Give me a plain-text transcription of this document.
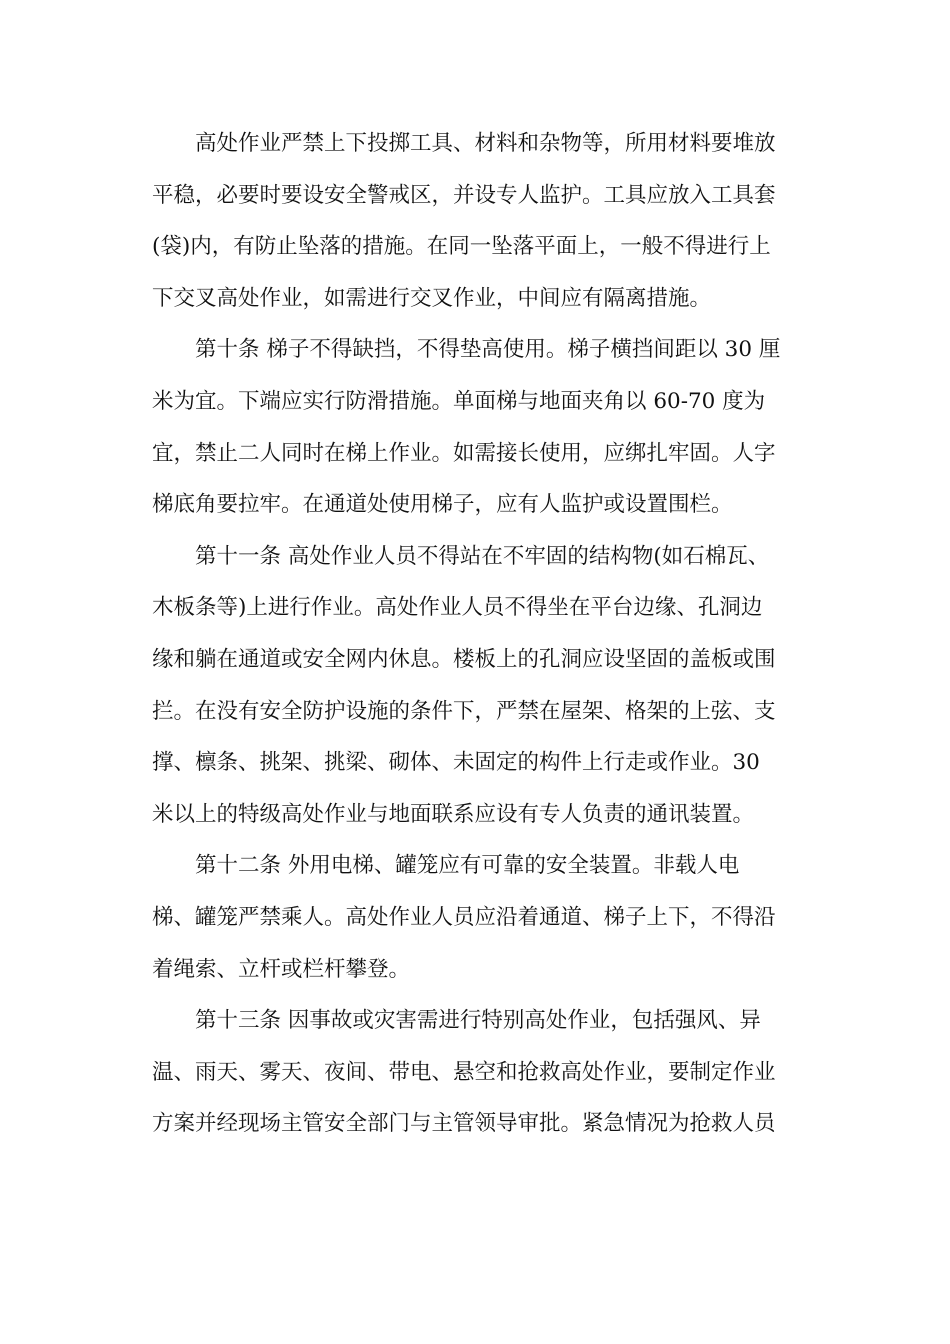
高处作业严禁上下投掷工具、材料和杂物等，所用材料要堆放
平稳，必要时要设安全警戒区，并设专人监护。工具应放入工具套
(袋)内，有防止坠落的措施。在同一坠落平面上，一般不得进行上
下交叉高处作业，如需进行交叉作业，中间应有隔离措施。
第十条 梯子不得缺挡，不得垫高使用。梯子横挡间距以 30 厘
米为宜。下端应实行防滑措施。单面梯与地面夹角以 60-70 度为
宜，禁止二人同时在梯上作业。如需接长使用，应绑扎牢固。人字
梯底角要拉牢。在通道处使用梯子，应有人监护或设置围栏。
第十一条 高处作业人员不得站在不牢固的结构物(如石棉瓦、
木板条等)上进行作业。高处作业人员不得坐在平台边缘、孔洞边
缘和躺在通道或安全网内休息。楼板上的孔洞应设坚固的盖板或围
拦。在没有安全防护设施的条件下，严禁在屋架、格架的上弦、支
撑、檩条、挑架、挑梁、砌体、未固定的构件上行走或作业。30
米以上的特级高处作业与地面联系应设有专人负责的通讯装置。
第十二条 外用电梯、罐笼应有可靠的安全装置。非载人电
梯、罐笼严禁乘人。高处作业人员应沿着通道、梯子上下，不得沿
着绳索、立杆或栏杆攀登。
第十三条 因事故或灾害需进行特别高处作业，包括强风、异
温、雨天、雾天、夜间、带电、悬空和抢救高处作业，要制定作业
方案并经现场主管安全部门与主管领导审批。紧急情况为抢救人员
